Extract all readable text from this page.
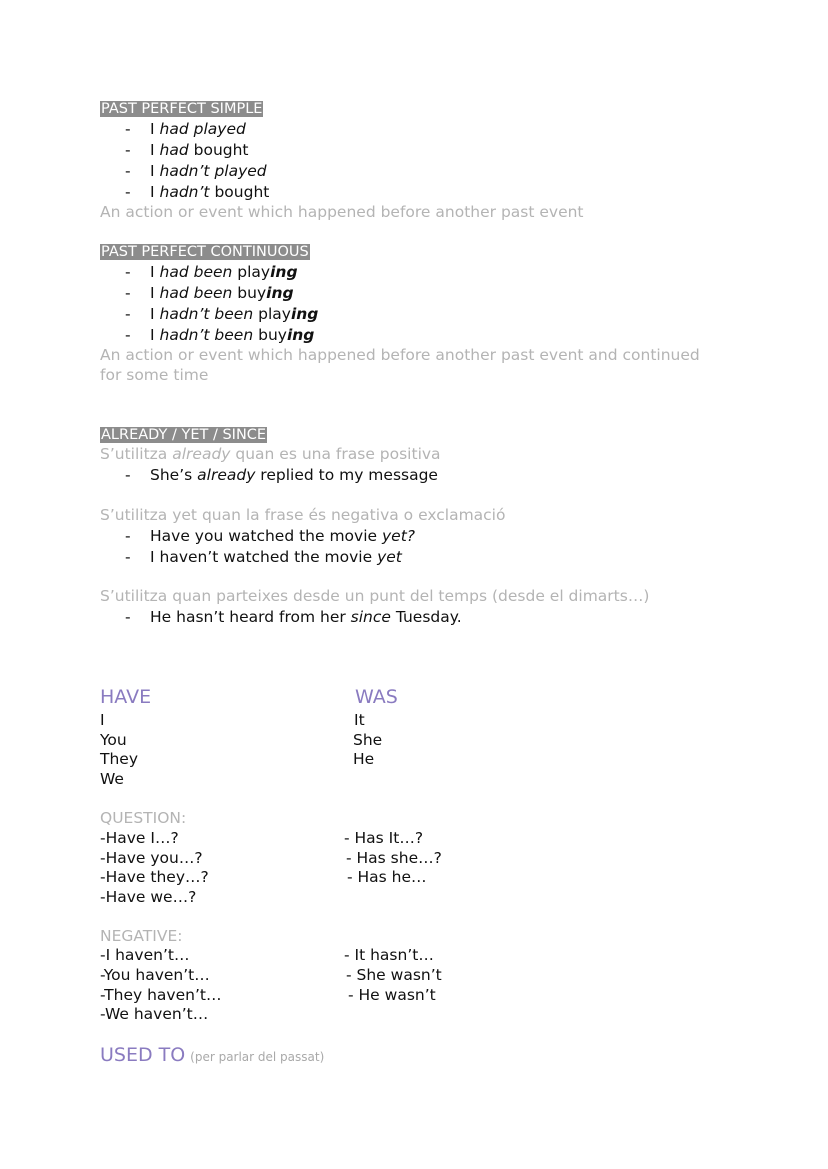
PAST PERFECT SIMPLE
- I had played
- I had bought
- I hadn’t played
- I hadn’t bought
An action or event which happened before another past event
PAST PERFECT CONTINUOUS
- I had been playing
- I had been buying
- I hadn’t been playing
- I hadn’t been buying
An action or event which happened before another past event and continued
for some time
ALREADY / YET / SINCE
S’utilitza already quan es una frase positiva
- She’s already replied to my message
S’utilitza yet quan la frase és negativa o exclamació
- Have you watched the movie yet?
- I haven’t watched the movie yet
S’utilitza quan parteixes desde un punt del temps (desde el dimarts…)
- He hasn’t heard from her since Tuesday.
HAVE	WAS
I
You
They
We
It
She
He
QUESTION:
-Have I…?
-Have you…?
-Have they…?
-Have we…?
- Has It…?
- Has she…?
- Has he…
NEGATIVE:
-I haven’t…
-You haven’t…
-They haven’t…
-We haven’t…
- It hasn’t…
- She wasn’t
- He wasn’t
USED TO (per parlar del passat)
